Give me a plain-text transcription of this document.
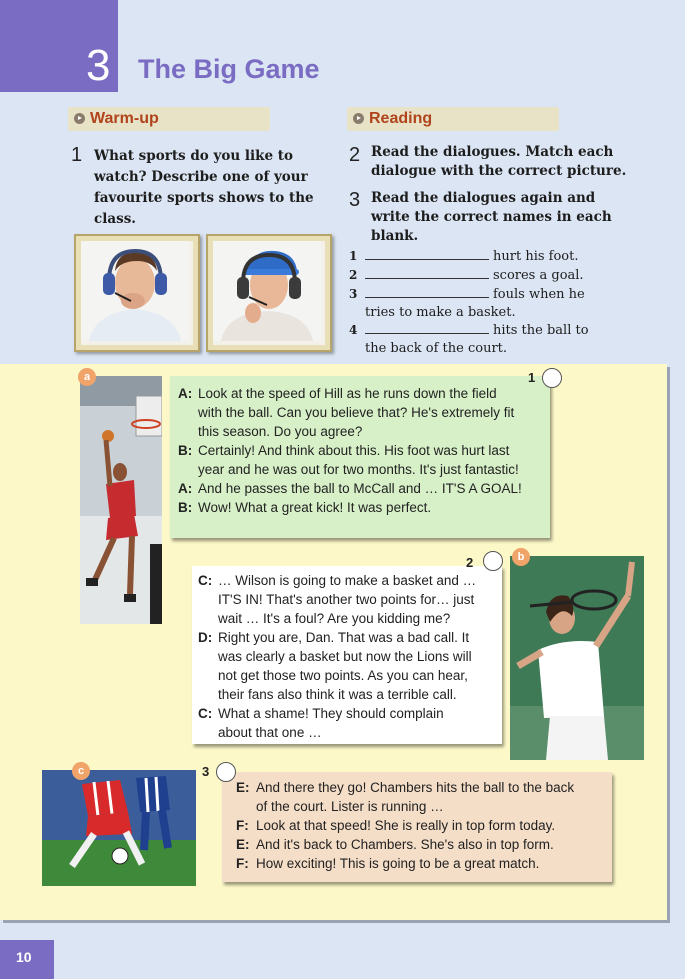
3 The Big Game
Warm-up	Reading
1 What sports do you like to
watch? Describe one of your
favourite sports shows to the
class.
2 Read the dialogues. Match each
dialogue with the correct picture.
3 Read the dialogues again and
write the correct names in each
blank.
1	hurt his foot.
2	scores a goal.
3	fouls when he
tries to make a basket.
4	hits the ball to
the back of the court.
a
A: Look at the speed of Hill as he runs down the field
with the ball. Can you believe that? He's extremely fit
this season. Do you agree?
B: Certainly! And think about this. His foot was hurt last
year and he was out for two months. It's just fantastic!
A: And he passes the ball to McCall and … IT'S A GOAL!
B: Wow! What a great kick! It was perfect.
1
C: … Wilson is going to make a basket and …
IT'S IN! That's another two points for… just
wait … It's a foul? Are you kidding me?
D: Right you are, Dan. That was a bad call. It
was clearly a basket but now the Lions will
not get those two points. As you can hear,
their fans also think it was a terrible call.
C: What a shame! They should complain
about that one …
2	b
c
E: And there they go! Chambers hits the ball to the back
of the court. Lister is running …
F: Look at that speed! She is really in top form today.
E: And it's back to Chambers. She's also in top form.
F: How exciting! This is going to be a great match.
3
10
